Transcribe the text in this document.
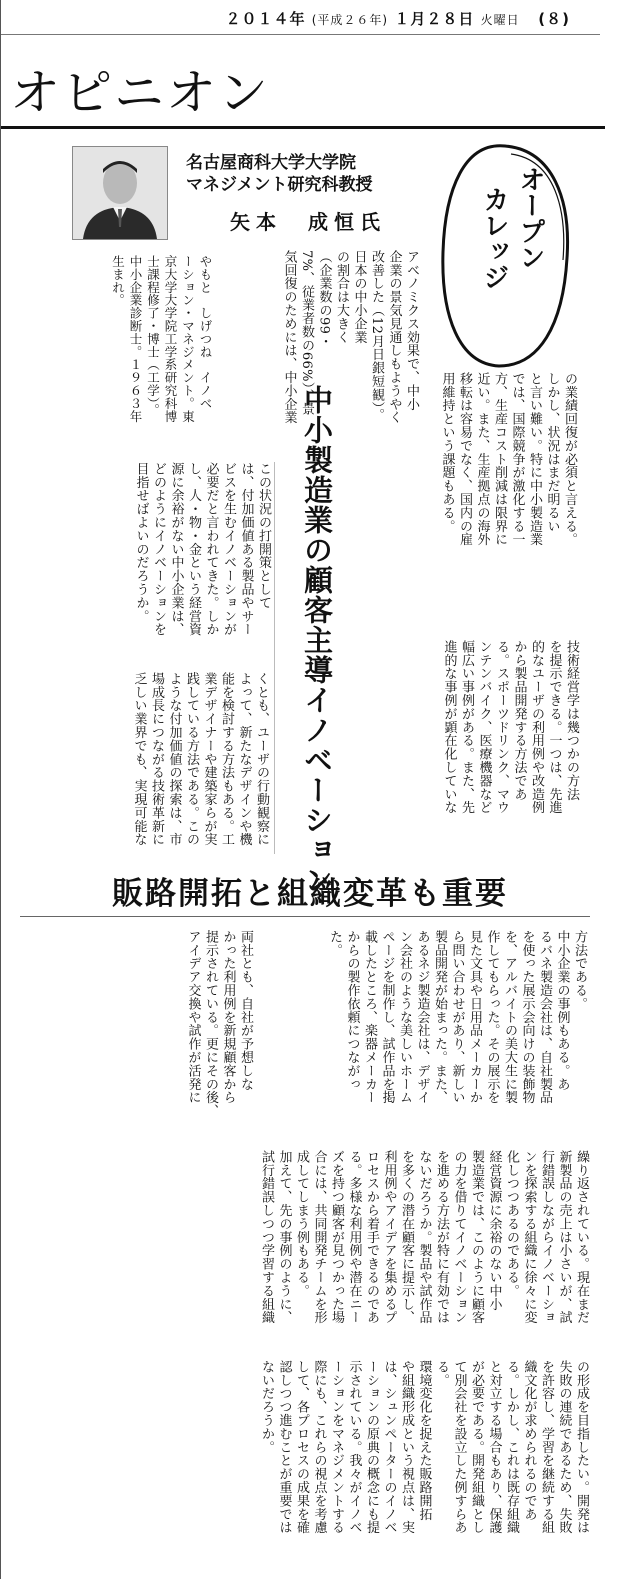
２０１４年 (平成２６年) １月２８日 火曜日 (８)
オピニオン
名古屋商科大学大学院
マネジメント研究科教授
矢本　成恒氏	オープン
カレッジ
アベノミクス効果で、中小
企業の景気見通しもようやく
改善した（12月日銀短観）。
日本の中小企業
の割合は大きく
（企業数の99・
7%、従業者数の66%）、景
気回復のためには、中小企業
やもと　しげつね　イノベ
ーション・マネジメント。東
京大学大学院工学系研究科博
士課程修了・博士（工学）。
中小企業診断士。１９６３年
生まれ。
の業績回復が必須と言える。
しかし、状況はまだ明るい
と言い難い。特に中小製造業
では、国際競争が激化する一
方、生産コスト削減は限界に
近い。また、生産拠点の海外
移転は容易でなく、国内の雇
用維持という課題もある。
中小製造業の顧客主導イノベーション
この状況の打開策として
は、付加価値ある製品やサー
ビスを生むイノベーションが
必要だと言われてきた。しか
し、人・物・金という経営資
源に余裕がない中小企業は、
どのようにイノベーションを
目指せばよいのだろうか。
技術経営学は幾つかの方法
を提示できる。一つは、先進
的なユーザの利用例や改造例
から製品開発する方法であ
る。スポーツドリンク、マウ
ンテンバイク、医療機器など
幅広い事例がある。また、先
進的な事例が顕在化していな
くとも、ユーザの行動観察に
よって、新たなデザインや機
能を検討する方法もある。工
業デザイナーや建築家らが実
践している方法である。この
ような付加価値の探索は、市
場成長につながる技術革新に
乏しい業界でも、実現可能な
販路開拓と組織変革も重要
方法である。
中小企業の事例もある。あ
るバネ製造会社は、自社製品
を使った展示会向けの装飾物
を、アルバイトの美大生に製
作してもらった。その展示を
見た文具や日用品メーカーか
ら問い合わせがあり、新しい
製品開発が始まった。また、
あるネジ製造会社は、デザイ
ン会社のような美しいホーム
ページを制作し、試作品を掲
載したところ、楽器メーカー
からの製作依頼につながっ
た。
両社とも、自社が予想しな
かった利用例を新規顧客から
提示されている。更にその後、
アイデア交換や試作が活発に
繰り返されている。現在まだ
新製品の売上は小さいが、試
行錯誤しながらイノベーショ
ンを探索する組織に徐々に変
化しつつあるのである。
経営資源に余裕のない中小
製造業では、このように顧客
の力を借りてイノベーション
を進める方法が特に有効では
ないだろうか。製品や試作品
を多くの潜在顧客に提示し、
利用例やアイデアを集めるプ
ロセスから着手できるのであ
る。多様な利用例や潜在ニー
ズを持つ顧客が見つかった場
合には、共同開発チームを形
成してしまう例もある。
加えて、先の事例のように、
試行錯誤しつつ学習する組織
の形成を目指したい。開発は
失敗の連続であるため、失敗
を許容し、学習を継続する組
織文化が求められるのであ
る。しかし、これは既存組織
と対立する場合もあり、保護
が必要である。開発組織とし
て別会社を設立した例すらあ
る。
環境変化を捉えた販路開拓
や組織形成という視点は、実
は、シュンペーターのイノベ
ーションの原典の概念にも提
示されている。我々がイノベ
ーションをマネジメントする
際にも、これらの視点を考慮
して、各プロセスの成果を確
認しつつ進むことが重要では
ないだろうか。
